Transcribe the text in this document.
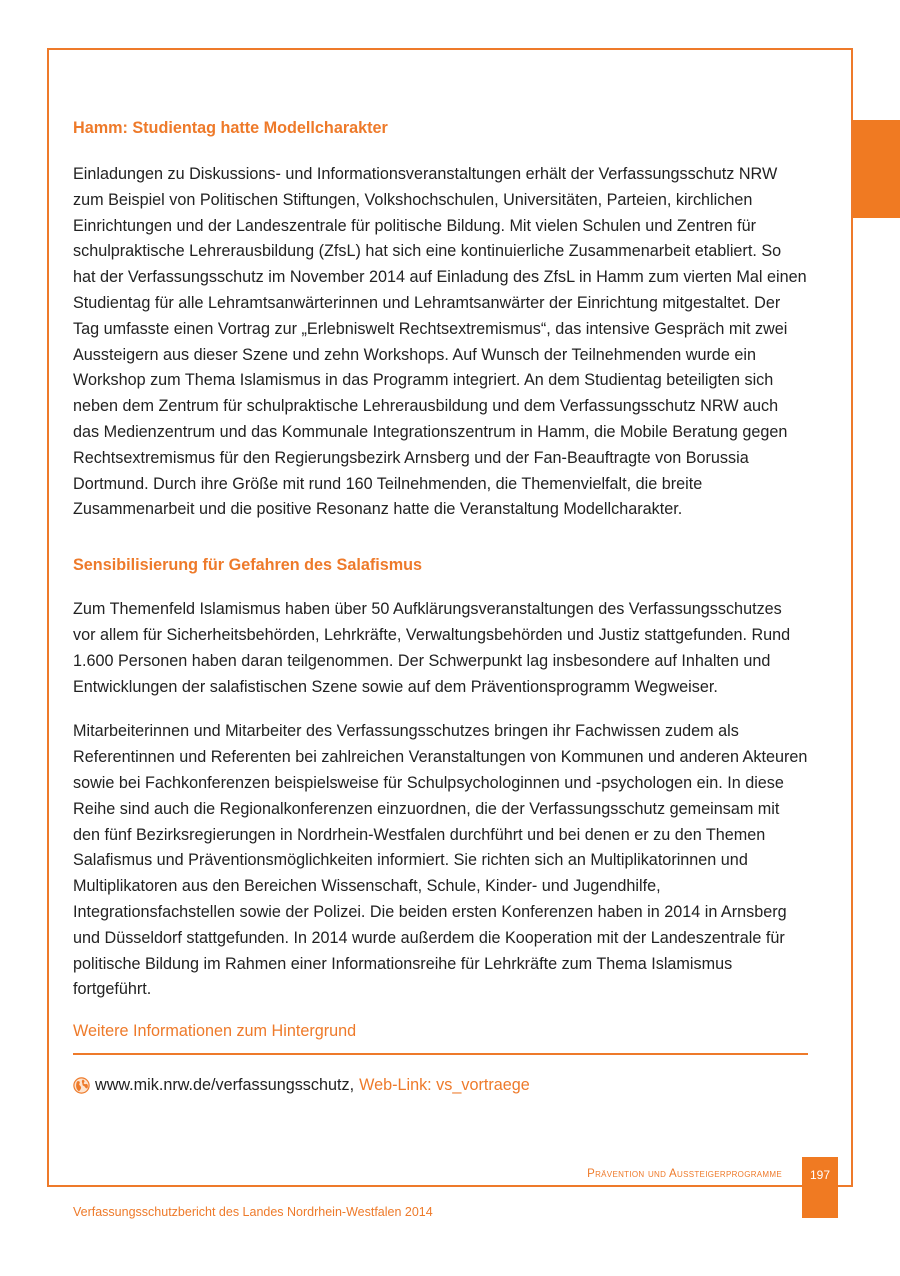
Hamm: Studientag hatte Modellcharakter

Einladungen zu Diskussions- und Informationsveranstaltungen erhält der Verfassungsschutz NRW zum Beispiel von Politischen Stiftungen, Volkshochschulen, Universitäten, Parteien, kirchlichen Einrichtungen und der Landeszentrale für politische Bildung. Mit vielen Schulen und Zentren für schulpraktische Lehrerausbildung (ZfsL) hat sich eine kontinuierliche Zusammenarbeit etabliert. So hat der Verfassungsschutz im November 2014 auf Einladung des ZfsL in Hamm zum vierten Mal einen Studientag für alle Lehramtsanwärterinnen und Lehramtsanwärter der Einrichtung mitgestaltet. Der Tag umfasste einen Vortrag zur „Erlebniswelt Rechtsextremismus“, das intensive Gespräch mit zwei Aussteigern aus dieser Szene und zehn Workshops. Auf Wunsch der Teilnehmenden wurde ein Workshop zum Thema Islamismus in das Programm integriert. An dem Studientag beteiligten sich neben dem Zentrum für schulpraktische Lehrerausbildung und dem Verfassungsschutz NRW auch das Medienzentrum und das Kommunale Integrationszentrum in Hamm, die Mobile Beratung gegen Rechtsextremismus für den Regierungsbezirk Arnsberg und der Fan-Beauftragte von Borussia Dortmund. Durch ihre Größe mit rund 160 Teilnehmenden, die Themenvielfalt, die breite Zusammenarbeit und die positive Resonanz hatte die Veranstaltung Modellcharakter.

Sensibilisierung für Gefahren des Salafismus

Zum Themenfeld Islamismus haben über 50 Aufklärungsveranstaltungen des Verfassungsschutzes vor allem für Sicherheitsbehörden, Lehrkräfte, Verwaltungsbehörden und Justiz stattgefunden. Rund 1.600 Personen haben daran teilgenommen. Der Schwerpunkt lag insbesondere auf Inhalten und Entwicklungen der salafistischen Szene sowie auf dem Präventionsprogramm Wegweiser.

Mitarbeiterinnen und Mitarbeiter des Verfassungsschutzes bringen ihr Fachwissen zudem als Referentinnen und Referenten bei zahlreichen Veranstaltungen von Kommunen und anderen Akteuren sowie bei Fachkonferenzen beispielsweise für Schulpsychologinnen und -psychologen ein. In diese Reihe sind auch die Regionalkonferenzen einzuordnen, die der Verfassungsschutz gemeinsam mit den fünf Bezirksregierungen in Nordrhein-Westfalen durchführt und bei denen er zu den Themen Salafismus und Präventionsmöglichkeiten informiert. Sie richten sich an Multiplikatorinnen und Multiplikatoren aus den Bereichen Wissenschaft, Schule, Kinder- und Jugendhilfe, Integrationsfachstellen sowie der Polizei. Die beiden ersten Konferenzen haben in 2014 in Arnsberg und Düsseldorf stattgefunden. In 2014 wurde außerdem die Kooperation mit der Landeszentrale für politische Bildung im Rahmen einer Informationsreihe für Lehrkräfte zum Thema Islamismus fortgeführt.

Weitere Informationen zum Hintergrund
www.mik.nrw.de/verfassungsschutz, Web-Link: vs_vortraege
Prävention und Aussteigerprogramme	197
Verfassungsschutzbericht des Landes Nordrhein-Westfalen 2014
